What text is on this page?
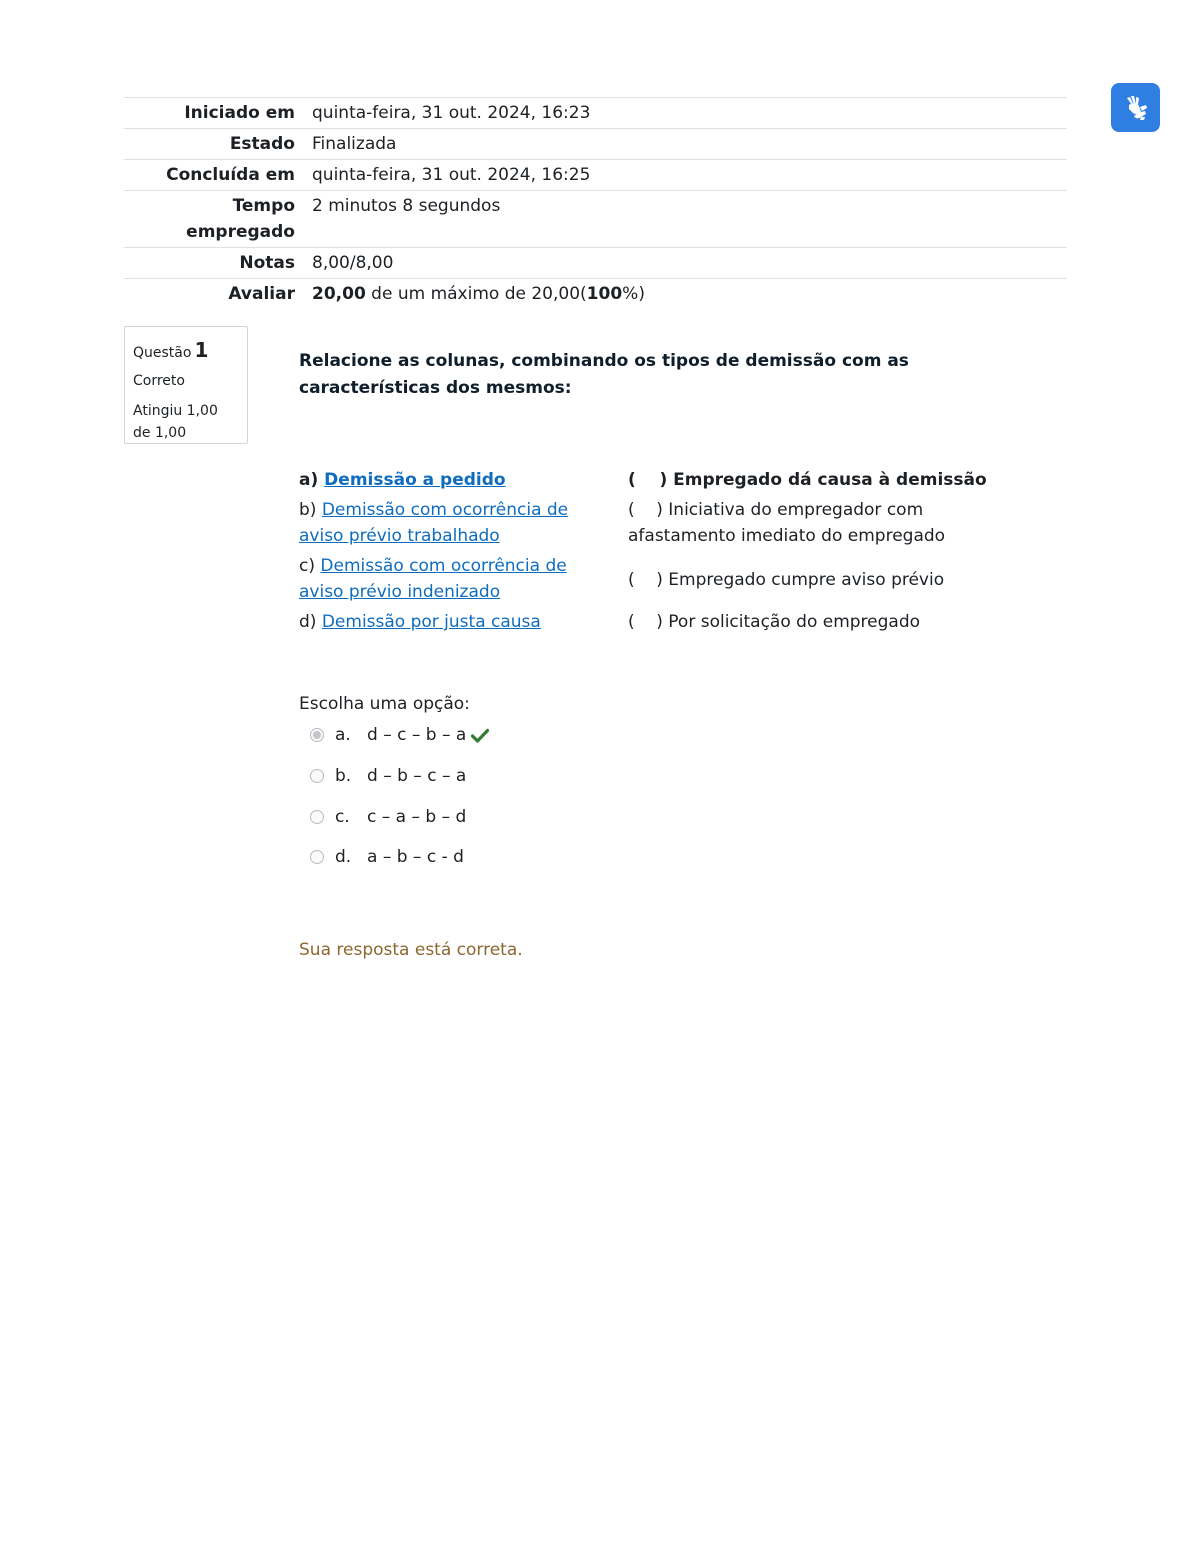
Iniciado em	quinta-feira, 31 out. 2024, 16:23
Estado	Finalizada
Concluída em	quinta-feira, 31 out. 2024, 16:25
Tempo empregado	2 minutos 8 segundos
Notas	8,00/8,00
Avaliar	20,00 de um máximo de 20,00(100%)
Questão 1
Correto
Atingiu 1,00 de 1,00
Relacione as colunas, combinando os tipos de demissão com as características dos mesmos:
a) Demissão a pedido
b) Demissão com ocorrência de aviso prévio trabalhado
c) Demissão com ocorrência de aviso prévio indenizado
d) Demissão por justa causa
(    ) Empregado dá causa à demissão
(    ) Iniciativa do empregador com afastamento imediato do empregado
(    ) Empregado cumpre aviso prévio
(    ) Por solicitação do empregado
Escolha uma opção:
a. d – c – b – a
b. d – b – c – a
c. c – a – b – d
d. a – b – c - d
Sua resposta está correta.
